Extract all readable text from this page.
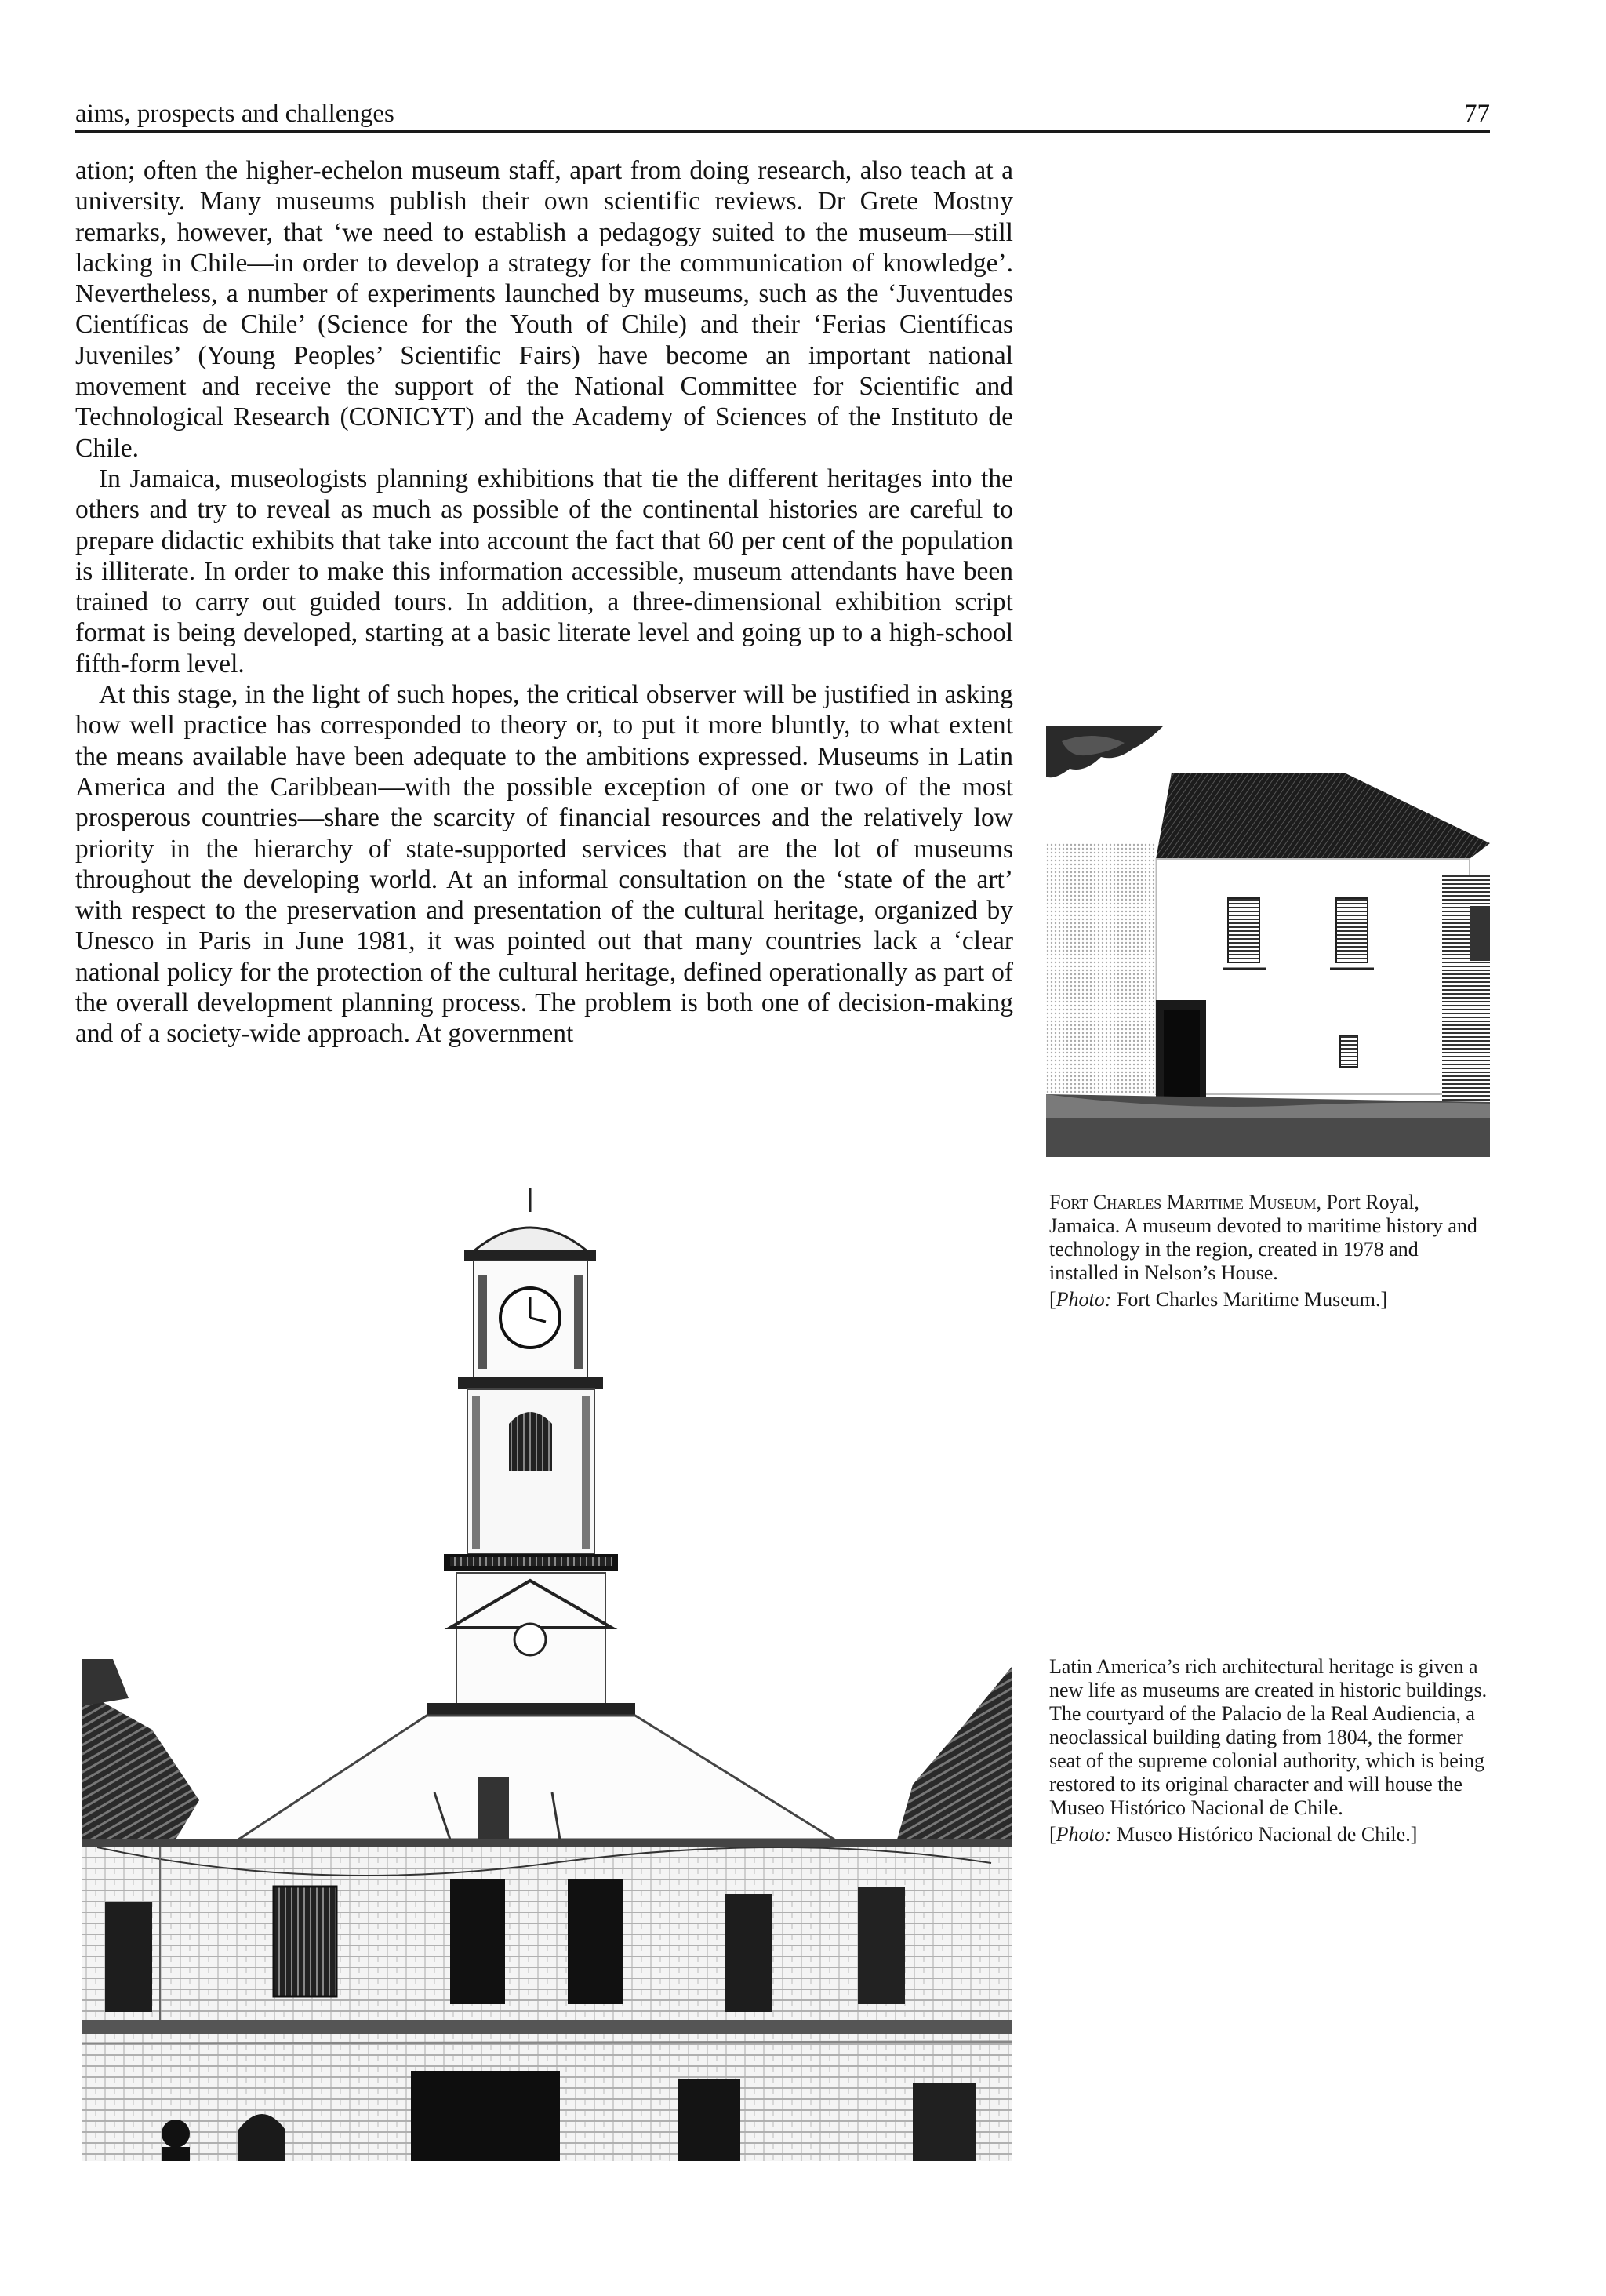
aims, prospects and challenges	77

ation; often the higher-echelon museum staff, apart from doing research, also teach at a university. Many museums publish their own scientific reviews. Dr Grete Mostny remarks, however, that ‘we need to establish a pedagogy suited to the museum—still lacking in Chile—in order to develop a strategy for the communication of knowledge’. Nevertheless, a number of experiments launched by museums, such as the ‘Juventudes Científicas de Chile’ (Science for the Youth of Chile) and their ‘Ferias Científicas Juveniles’ (Young Peoples’ Scientific Fairs) have become an important national movement and receive the support of the National Committee for Scientific and Technological Research (CONICYT) and the Academy of Sciences of the Instituto de Chile.

In Jamaica, museologists planning exhibitions that tie the different heritages into the others and try to reveal as much as possible of the continental histories are careful to prepare didactic exhibits that take into account the fact that 60 per cent of the population is illiterate. In order to make this information accessible, museum attendants have been trained to carry out guided tours. In addition, a three-dimensional exhibition script format is being developed, starting at a basic literate level and going up to a high-school fifth-form level.

At this stage, in the light of such hopes, the critical observer will be justified in asking how well practice has corresponded to theory or, to put it more bluntly, to what extent the means available have been adequate to the ambitions expressed. Museums in Latin America and the Caribbean—with the possible exception of one or two of the most prosperous countries—share the scarcity of financial resources and the relatively low priority in the hierarchy of state-supported services that are the lot of museums throughout the developing world. At an informal consultation on the ‘state of the art’ with respect to the preservation and presentation of the cultural heritage, organized by Unesco in Paris in June 1981, it was pointed out that many countries lack a ‘clear national policy for the protection of the cultural heritage, defined operationally as part of the overall development planning process. The problem is both one of decision-making and of a society-wide approach. At government

Fort Charles Maritime Museum, Port Royal, Jamaica. A museum devoted to maritime history and technology in the region, created in 1978 and installed in Nelson’s House.

[Photo: Fort Charles Maritime Museum.]

Latin America’s rich architectural heritage is given a new life as museums are created in historic buildings. The courtyard of the Palacio de la Real Audiencia, a neoclassical building dating from 1804, the former seat of the supreme colonial authority, which is being restored to its original character and will house the Museo Histórico Nacional de Chile.

[Photo: Museo Histórico Nacional de Chile.]
